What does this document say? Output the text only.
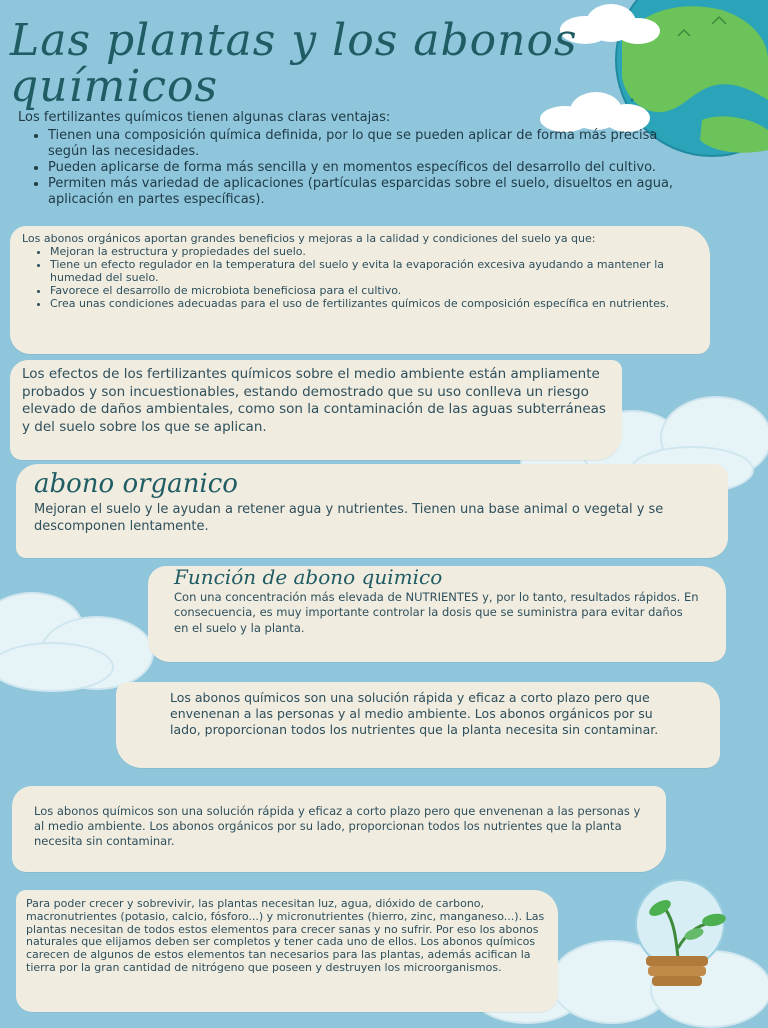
Las plantas y los abonos químicos

Los fertilizantes químicos tienen algunas claras ventajas:

• Tienen una composición química definida, por lo que se pueden aplicar de forma más precisa según las necesidades.
• Pueden aplicarse de forma más sencilla y en momentos específicos del desarrollo del cultivo.
• Permiten más variedad de aplicaciones (partículas esparcidas sobre el suelo, disueltos en agua, aplicación en partes específicas).

Los abonos orgánicos aportan grandes beneficios y mejoras a la calidad y condiciones del suelo ya que:

• Mejoran la estructura y propiedades del suelo.
• Tiene un efecto regulador en la temperatura del suelo y evita la evaporación excesiva ayudando a mantener la humedad del suelo.
• Favorece el desarrollo de microbiota beneficiosa para el cultivo.
• Crea unas condiciones adecuadas para el uso de fertilizantes químicos de composición específica en nutrientes.
Los efectos de los fertilizantes químicos sobre el medio ambiente están ampliamente probados y son incuestionables, estando demostrado que su uso conlleva un riesgo elevado de daños ambientales, como son la contaminación de las aguas subterráneas y del suelo sobre los que se aplican.
abono organico
Mejoran el suelo y le ayudan a retener agua y nutrientes. Tienen una base animal o vegetal y se descomponen lentamente.
Función de abono quimico
Con una concentración más elevada de NUTRIENTES y, por lo tanto, resultados rápidos. En consecuencia, es muy importante controlar la dosis que se suministra para evitar daños en el suelo y la planta.
Los abonos químicos son una solución rápida y eficaz a corto plazo pero que envenenan a las personas y al medio ambiente. Los abonos orgánicos por su lado, proporcionan todos los nutrientes que la planta necesita sin contaminar.
Los abonos químicos son una solución rápida y eficaz a corto plazo pero que envenenan a las personas y al medio ambiente. Los abonos orgánicos por su lado, proporcionan todos los nutrientes que la planta necesita sin contaminar.
Para poder crecer y sobrevivir, las plantas necesitan luz, agua, dióxido de carbono, macronutrientes (potasio, calcio, fósforo...) y micronutrientes (hierro, zinc, manganeso...). Las plantas necesitan de todos estos elementos para crecer sanas y no sufrir. Por eso los abonos naturales que elijamos deben ser completos y tener cada uno de ellos. Los abonos químicos carecen de algunos de estos elementos tan necesarios para las plantas, además acifican la tierra por la gran cantidad de nitrógeno que poseen y destruyen los microorganismos.
